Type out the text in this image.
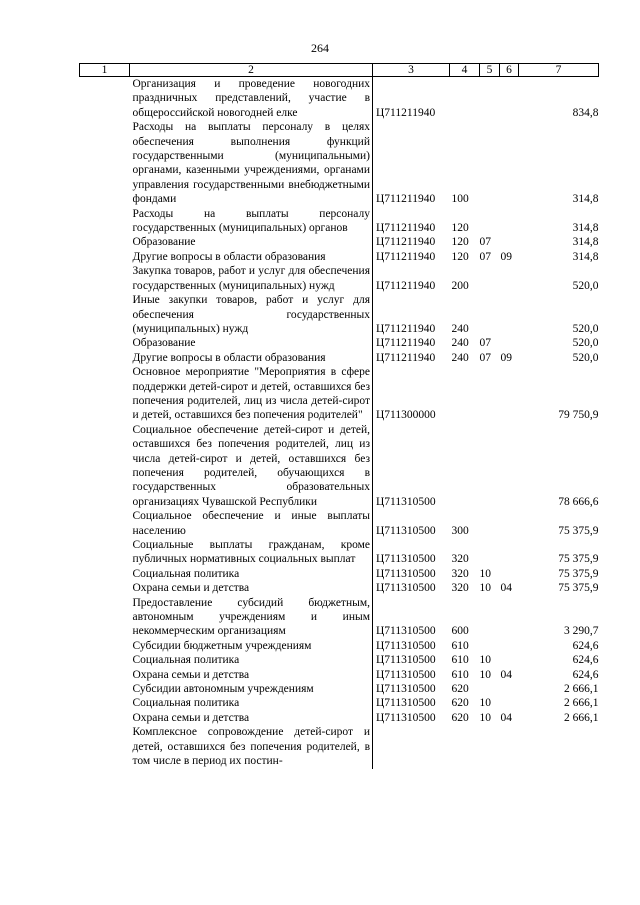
264
1	2	3	4	5	6	7
	Организация и проведение новогодних праздничных представлений, участие в общероссийской новогодней елке	Ц711211940				834,8
	Расходы на выплаты персоналу в целях обеспечения выполнения функций государственными (муниципальными) органами, казенными учреждениями, органами управления государственными внебюджетными фондами	Ц711211940	100			314,8
	Расходы на выплаты персоналу государственных (муниципальных) органов	Ц711211940	120			314,8
	Образование	Ц711211940	120	07		314,8
	Другие вопросы в области образования	Ц711211940	120	07	09	314,8
	Закупка товаров, работ и услуг для обеспечения государственных (муниципальных) нужд	Ц711211940	200			520,0
	Иные закупки товаров, работ и услуг для обеспечения государственных (муниципальных) нужд	Ц711211940	240			520,0
	Образование	Ц711211940	240	07		520,0
	Другие вопросы в области образования	Ц711211940	240	07	09	520,0
	Основное мероприятие "Мероприятия в сфере поддержки детей-сирот и детей, оставшихся без попечения родителей, лиц из числа детей-сирот и детей, оставшихся без попечения родителей"	Ц711300000				79 750,9
	Социальное обеспечение детей-сирот и детей, оставшихся без попечения родителей, лиц из числа детей-сирот и детей, оставшихся без попечения родителей, обучающихся в государственных образовательных организациях Чувашской Республики	Ц711310500				78 666,6
	Социальное обеспечение и иные выплаты населению	Ц711310500	300			75 375,9
	Социальные выплаты гражданам, кроме публичных нормативных социальных выплат	Ц711310500	320			75 375,9
	Социальная политика	Ц711310500	320	10		75 375,9
	Охрана семьи и детства	Ц711310500	320	10	04	75 375,9
	Предоставление субсидий бюджетным, автономным учреждениям и иным некоммерческим организациям	Ц711310500	600			3 290,7
	Субсидии бюджетным учреждениям	Ц711310500	610			624,6
	Социальная политика	Ц711310500	610	10		624,6
	Охрана семьи и детства	Ц711310500	610	10	04	624,6
	Субсидии автономным учреждениям	Ц711310500	620			2 666,1
	Социальная политика	Ц711310500	620	10		2 666,1
	Охрана семьи и детства	Ц711310500	620	10	04	2 666,1
	Комплексное сопровождение детей-сирот и детей, оставшихся без попечения родителей, в том числе в период их постин-					
